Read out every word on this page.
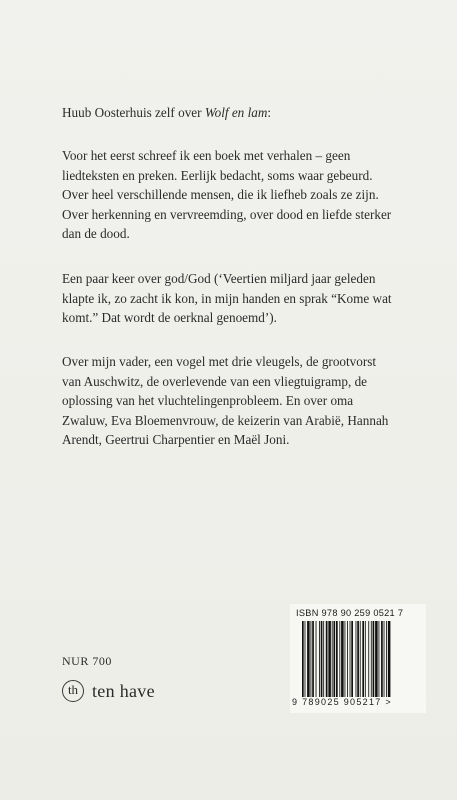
Huub Oosterhuis zelf over Wolf en lam:

Voor het eerst schreef ik een boek met verhalen – geen liedteksten en preken. Eerlijk bedacht, soms waar gebeurd. Over heel verschillende mensen, die ik liefheb zoals ze zijn. Over herkenning en vervreemding, over dood en liefde sterker dan de dood.

Een paar keer over god/God (‘Veertien miljard jaar geleden klapte ik, zo zacht ik kon, in mijn handen en sprak “Kome wat komt.” Dat wordt de oerknal genoemd’).

Over mijn vader, een vogel met drie vleugels, de grootvorst van Auschwitz, de overlevende van een vliegtuigramp, de oplossing van het vluchtelingenprobleem. En over oma Zwaluw, Eva Bloemenvrouw, de keizerin van Arabië, Hannah Arendt, Geertrui Charpentier en Maël Joni.

NUR 700
th ten have
ISBN 978 90 259 0521 7
9 789025 905217 >
